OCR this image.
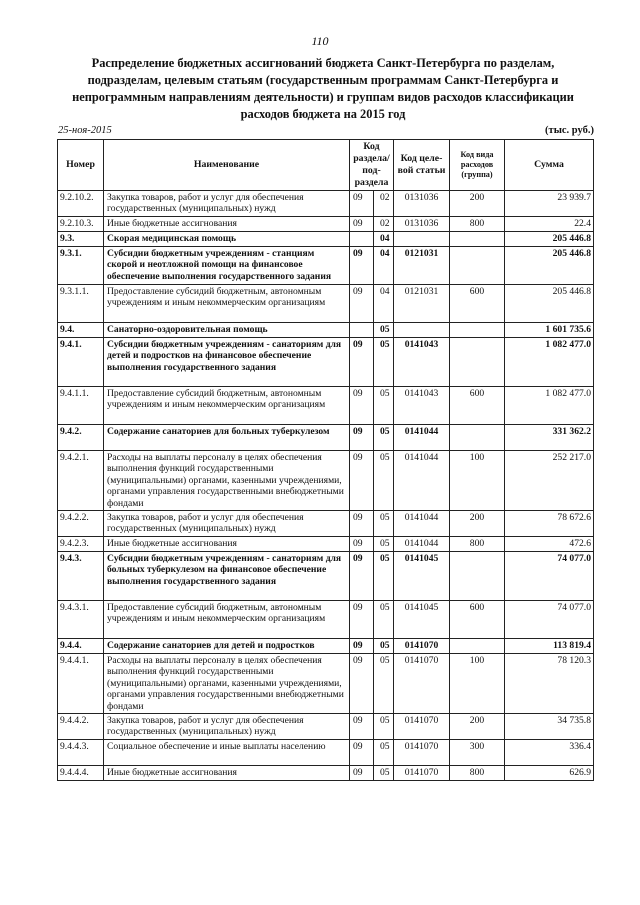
110
Распределение бюджетных ассигнований бюджета Санкт-Петербурга по разделам, подразделам, целевым статьям (государственным программам Санкт-Петербурга и непрограммным направлениям деятельности) и группам видов расходов классификации расходов бюджета на 2015 год
25-ноя-2015	(тыс. руб.)
Номер	Наименование	Код раздела/ под-раздела		Код целе-вой статьи	Код вида расходов (группа)	Сумма
9.2.10.2.	Закупка товаров, работ и услуг для обеспечения государственных (муниципальных) нужд	09	02	0131036	200	23 939.7
9.2.10.3.	Иные бюджетные ассигнования	09	02	0131036	800	22.4
9.3.	Скорая медицинская помощь		04			205 446.8
9.3.1.	Субсидии бюджетным учреждениям - станциям скорой и неотложной помощи на финансовое обеспечение выполнения государственного задания	09	04	0121031		205 446.8
9.3.1.1.	Предоставление субсидий бюджетным, автономным учреждениям и иным некоммерческим организациям	09	04	0121031	600	205 446.8
9.4.	Санаторно-оздоровительная помощь		05			1 601 735.6
9.4.1.	Субсидии бюджетным учреждениям - санаториям для детей и подростков на финансовое обеспечение выполнения государственного задания	09	05	0141043		1 082 477.0
9.4.1.1.	Предоставление субсидий бюджетным, автономным учреждениям и иным некоммерческим организациям	09	05	0141043	600	1 082 477.0
9.4.2.	Содержание санаториев для больных туберкулезом	09	05	0141044		331 362.2
9.4.2.1.	Расходы на выплаты персоналу в целях обеспечения выполнения функций государственными (муниципальными) органами, казенными учреждениями, органами управления государственными внебюджетными фондами	09	05	0141044	100	252 217.0
9.4.2.2.	Закупка товаров, работ и услуг для обеспечения государственных (муниципальных) нужд	09	05	0141044	200	78 672.6
9.4.2.3.	Иные бюджетные ассигнования	09	05	0141044	800	472.6
9.4.3.	Субсидии бюджетным учреждениям - санаториям для больных туберкулезом на финансовое обеспечение выполнения государственного задания	09	05	0141045		74 077.0
9.4.3.1.	Предоставление субсидий бюджетным, автономным учреждениям и иным некоммерческим организациям	09	05	0141045	600	74 077.0
9.4.4.	Содержание санаториев для детей и подростков	09	05	0141070		113 819.4
9.4.4.1.	Расходы на выплаты персоналу в целях обеспечения выполнения функций государственными (муниципальными) органами, казенными учреждениями, органами управления государственными внебюджетными фондами	09	05	0141070	100	78 120.3
9.4.4.2.	Закупка товаров, работ и услуг для обеспечения государственных (муниципальных) нужд	09	05	0141070	200	34 735.8
9.4.4.3.	Социальное обеспечение и иные выплаты населению	09	05	0141070	300	336.4
9.4.4.4.	Иные бюджетные ассигнования	09	05	0141070	800	626.9
